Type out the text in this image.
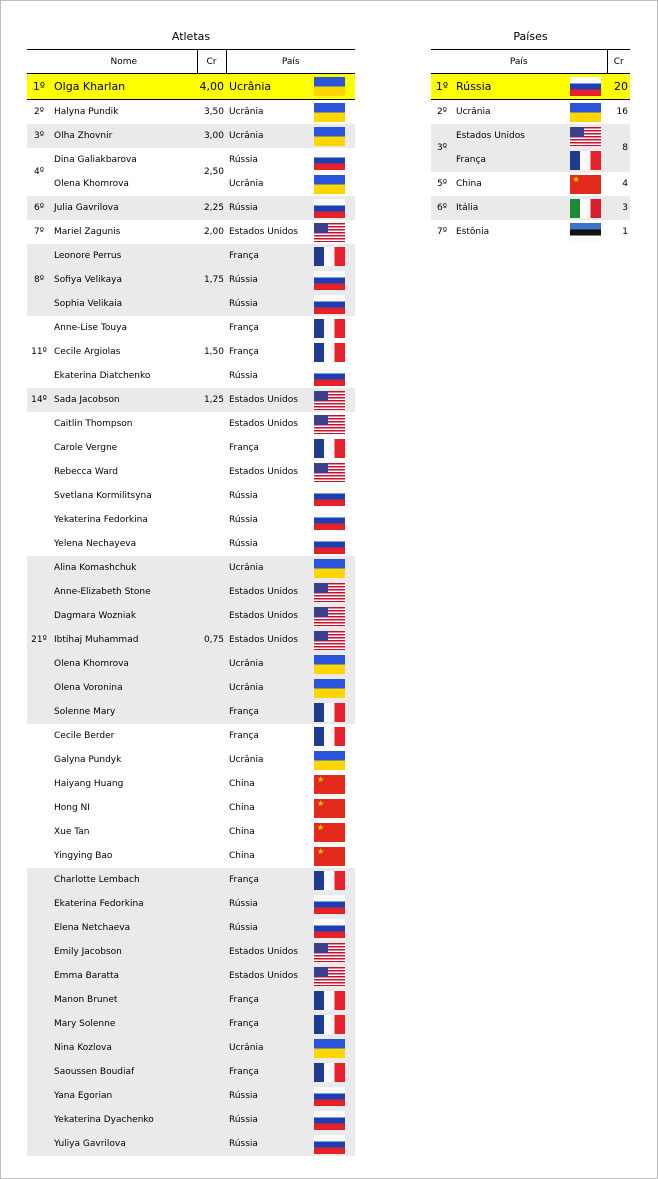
Atletas	Países
	Nome	Cr	País	
1º	Olga Kharlan	4,00	Ucrânia	
2º	Halyna Pundik	3,50	Ucrânia	
3º	Olha Zhovnir	3,00	Ucrânia	
4º	Dina Galiakbarova	2,50	Rússia	
	Olena Khomrova		Ucrânia	
6º	Julia Gavrilova	2,25	Rússia	
7º	Mariel Zagunis	2,00	Estados Unidos	
8º	Leonore Perrus	1,75	França	
	Sofiya Velikaya		Rússia	
	Sophia Velikaia		Rússia	
11º	Anne-Lise Touya	1,50	França	
	Cecile Argiolas		França	
	Ekaterina Diatchenko		Rússia	
14º	Sada Jacobson	1,25	Estados Unidos	
	Caitlin Thompson		Estados Unidos	
	Carole Vergne		França	
	Rebecca Ward		Estados Unidos	
	Svetlana Kormilitsyna		Rússia	
	Yekaterina Fedorkina		Rússia	
	Yelena Nechayeva		Rússia	
21º	Alina Komashchuk	0,75	Ucrânia	
	Anne-Elizabeth Stone		Estados Unidos	
	Dagmara Wozniak		Estados Unidos	
	Ibtihaj Muhammad		Estados Unidos	
	Olena Khomrova		Ucrânia	
	Olena Voronina		Ucrânia	
	Solenne Mary		França	
	Cecile Berder		França	
	Galyna Pundyk		Ucrânia	
	Haiyang Huang		China	★
	Hong NI		China	★
	Xue Tan		China	★
	Yingying Bao		China	★
	Charlotte Lembach		França	
	Ekaterina Fedorkina		Rússia	
	Elena Netchaeva		Rússia	
	Emily Jacobson		Estados Unidos	
	Emma Baratta		Estados Unidos	
	Manon Brunet		França	
	Mary Solenne		França	
	Nina Kozlova		Ucrânia	
	Saoussen Boudiaf		França	
	Yana Egorian		Rússia	
	Yekaterina Dyachenko		Rússia	
	Yuliya Gavrilova		Rússia	
País			Cr
1º	Rússia		20
2º	Ucrânia		16
3º	Estados Unidos		8
	França		
5º	China	★	4
6º	Itália		3
7º	Estônia		1
